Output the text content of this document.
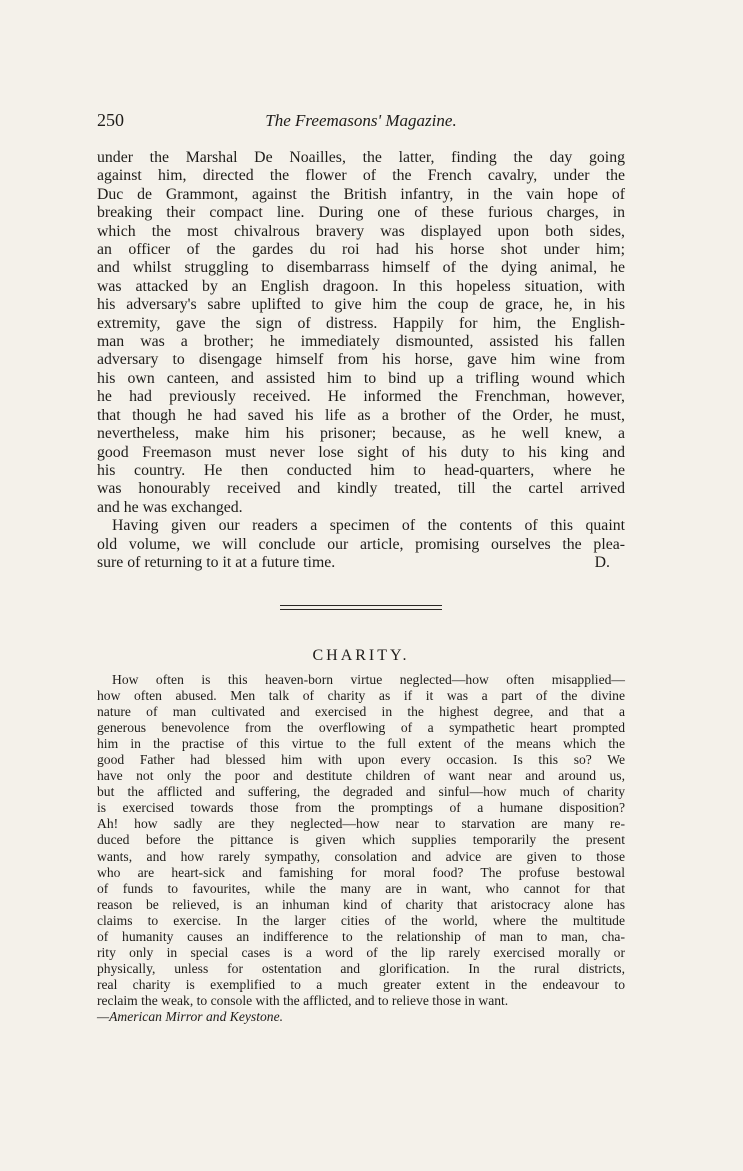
250	The Freemasons' Magazine.
under the Marshal De Noailles, the latter, finding the day going
against him, directed the flower of the French cavalry, under the
Duc de Grammont, against the British infantry, in the vain hope of
breaking their compact line. During one of these furious charges, in
which the most chivalrous bravery was displayed upon both sides,
an officer of the gardes du roi had his horse shot under him;
and whilst struggling to disembarrass himself of the dying animal, he
was attacked by an English dragoon. In this hopeless situation, with
his adversary's sabre uplifted to give him the coup de grace, he, in his
extremity, gave the sign of distress. Happily for him, the English-
man was a brother; he immediately dismounted, assisted his fallen
adversary to disengage himself from his horse, gave him wine from
his own canteen, and assisted him to bind up a trifling wound which
he had previously received. He informed the Frenchman, however,
that though he had saved his life as a brother of the Order, he must,
nevertheless, make him his prisoner; because, as he well knew, a
good Freemason must never lose sight of his duty to his king and
his country. He then conducted him to head-quarters, where he
was honourably received and kindly treated, till the cartel arrived
and he was exchanged.
Having given our readers a specimen of the contents of this quaint
old volume, we will conclude our article, promising ourselves the plea-
sure of returning to it at a future time.	D.
CHARITY.
How often is this heaven-born virtue neglected—how often misapplied—
how often abused. Men talk of charity as if it was a part of the divine
nature of man cultivated and exercised in the highest degree, and that a
generous benevolence from the overflowing of a sympathetic heart prompted
him in the practise of this virtue to the full extent of the means which the
good Father had blessed him with upon every occasion. Is this so? We
have not only the poor and destitute children of want near and around us,
but the afflicted and suffering, the degraded and sinful—how much of charity
is exercised towards those from the promptings of a humane disposition?
Ah! how sadly are they neglected—how near to starvation are many re-
duced before the pittance is given which supplies temporarily the present
wants, and how rarely sympathy, consolation and advice are given to those
who are heart-sick and famishing for moral food? The profuse bestowal
of funds to favourites, while the many are in want, who cannot for that
reason be relieved, is an inhuman kind of charity that aristocracy alone has
claims to exercise. In the larger cities of the world, where the multitude
of humanity causes an indifference to the relationship of man to man, cha-
rity only in special cases is a word of the lip rarely exercised morally or
physically, unless for ostentation and glorification. In the rural districts,
real charity is exemplified to a much greater extent in the endeavour to
reclaim the weak, to console with the afflicted, and to relieve those in want.
—American Mirror and Keystone.
